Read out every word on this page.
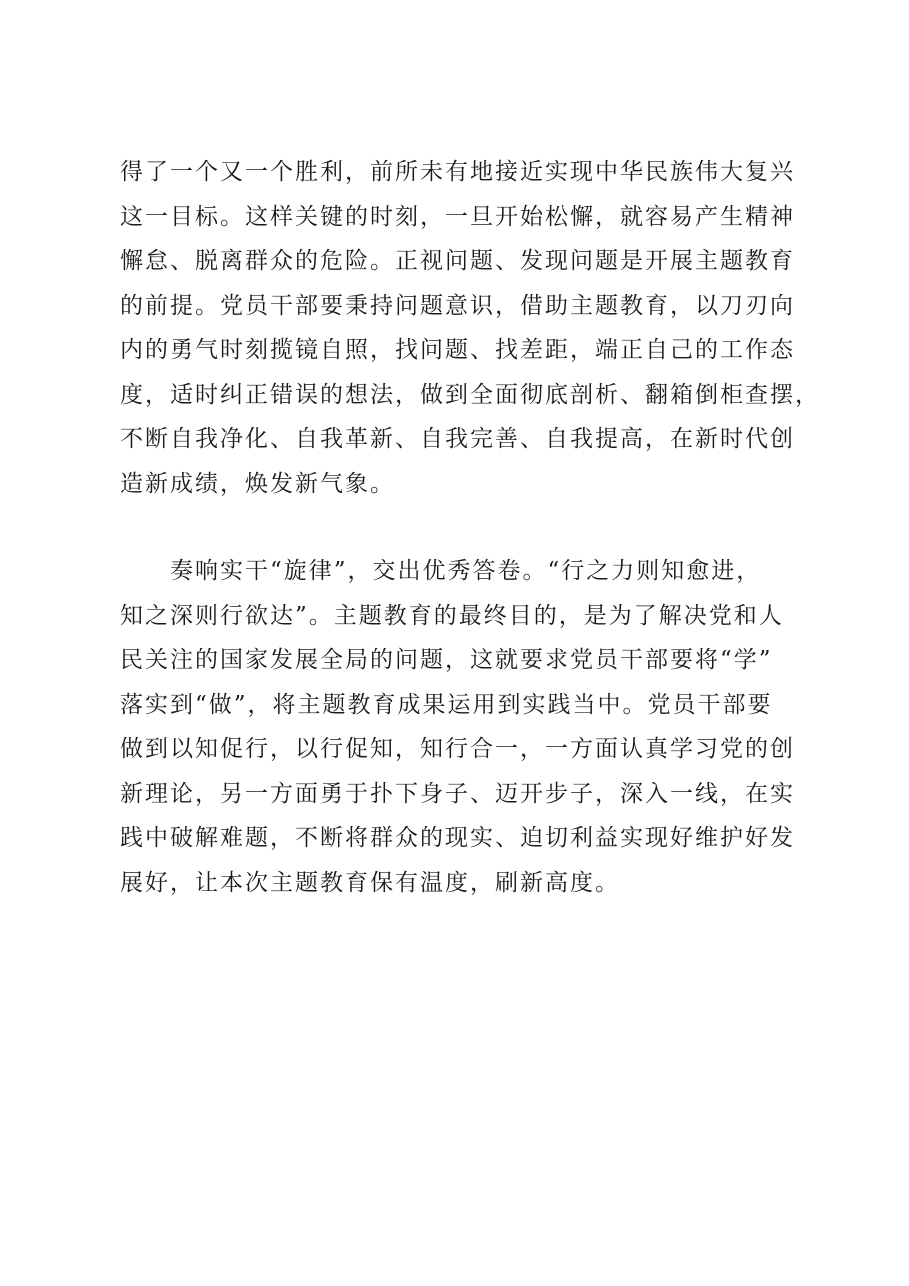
得了一个又一个胜利，前所未有地接近实现中华民族伟大复兴
这一目标。这样关键的时刻，一旦开始松懈，就容易产生精神
懈怠、脱离群众的危险。正视问题、发现问题是开展主题教育
的前提。党员干部要秉持问题意识，借助主题教育，以刀刃向
内的勇气时刻揽镜自照，找问题、找差距，端正自己的工作态
度，适时纠正错误的想法，做到全面彻底剖析、翻箱倒柜查摆，
不断自我净化、自我革新、自我完善、自我提高，在新时代创
造新成绩，焕发新气象。
　　奏响实干“旋律”，交出优秀答卷。“行之力则知愈进，
知之深则行欲达”。主题教育的最终目的，是为了解决党和人
民关注的国家发展全局的问题，这就要求党员干部要将“学”
落实到“做”，将主题教育成果运用到实践当中。党员干部要
做到以知促行，以行促知，知行合一，一方面认真学习党的创
新理论，另一方面勇于扑下身子、迈开步子，深入一线，在实
践中破解难题，不断将群众的现实、迫切利益实现好维护好发
展好，让本次主题教育保有温度，刷新高度。
